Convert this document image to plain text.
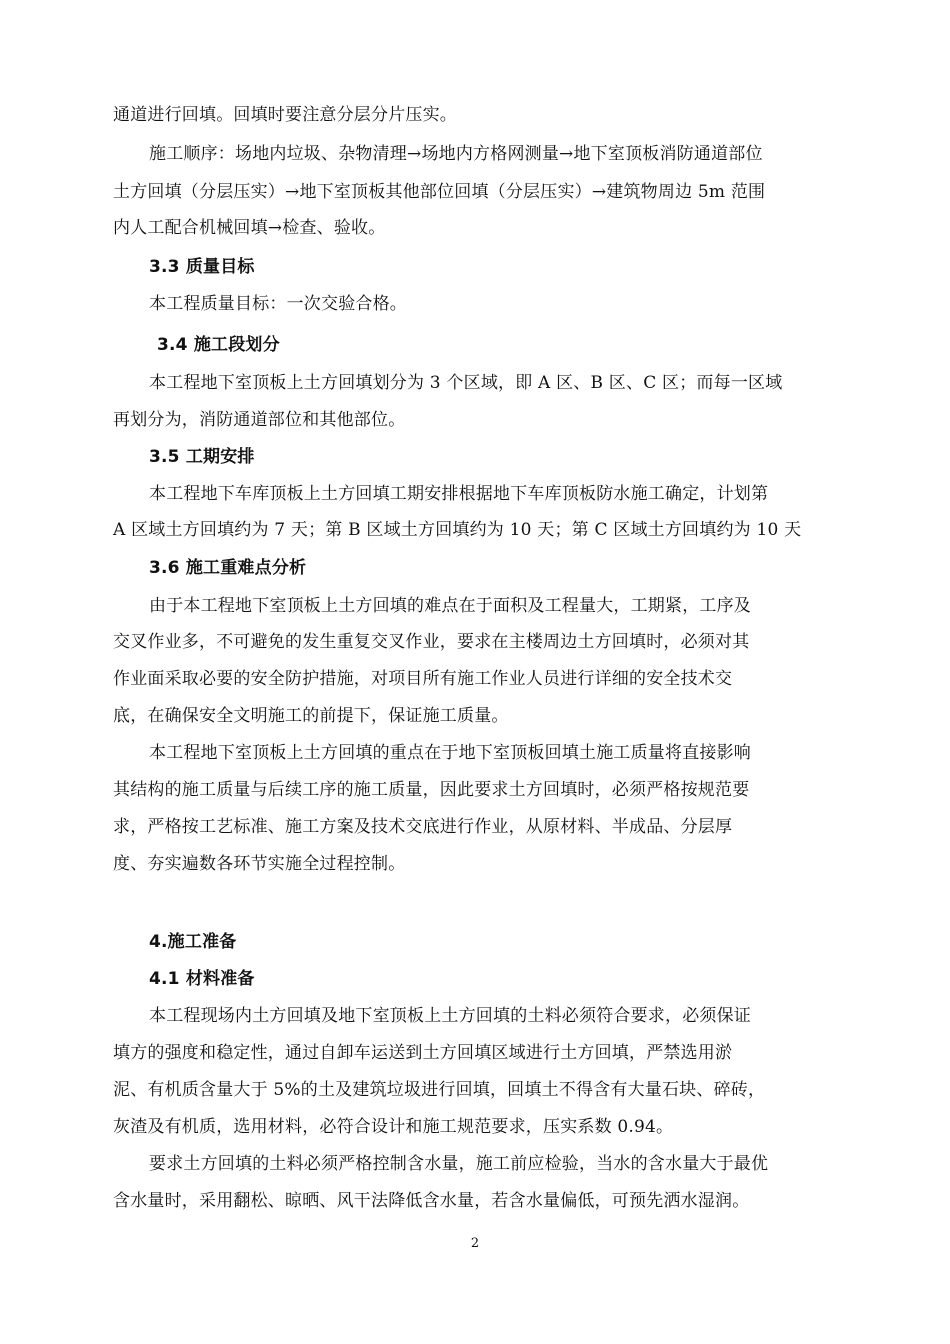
通道进行回填。回填时要注意分层分片压实。
施工顺序：场地内垃圾、杂物清理→场地内方格网测量→地下室顶板消防通道部位
土方回填（分层压实）→地下室顶板其他部位回填（分层压实）→建筑物周边 5m 范围
内人工配合机械回填→检查、验收。
3.3 质量目标
本工程质量目标：一次交验合格。
3.4 施工段划分
本工程地下室顶板上土方回填划分为 3 个区域，即 A 区、B 区、C 区；而每一区域
再划分为，消防通道部位和其他部位。
3.5 工期安排
本工程地下车库顶板上土方回填工期安排根据地下车库顶板防水施工确定，计划第
A 区域土方回填约为 7 天；第 B 区域土方回填约为 10 天；第 C 区域土方回填约为 10 天
3.6 施工重难点分析
由于本工程地下室顶板上土方回填的难点在于面积及工程量大，工期紧，工序及
交叉作业多，不可避免的发生重复交叉作业，要求在主楼周边土方回填时，必须对其
作业面采取必要的安全防护措施，对项目所有施工作业人员进行详细的安全技术交
底，在确保安全文明施工的前提下，保证施工质量。
本工程地下室顶板上土方回填的重点在于地下室顶板回填土施工质量将直接影响
其结构的施工质量与后续工序的施工质量，因此要求土方回填时，必须严格按规范要
求，严格按工艺标准、施工方案及技术交底进行作业，从原材料、半成品、分层厚
度、夯实遍数各环节实施全过程控制。
4.施工准备
4.1 材料准备
本工程现场内土方回填及地下室顶板上土方回填的土料必须符合要求，必须保证
填方的强度和稳定性，通过自卸车运送到土方回填区域进行土方回填，严禁选用淤
泥、有机质含量大于 5%的土及建筑垃圾进行回填，回填土不得含有大量石块、碎砖，
灰渣及有机质，选用材料，必符合设计和施工规范要求，压实系数 0.94。
要求土方回填的土料必须严格控制含水量，施工前应检验，当水的含水量大于最优
含水量时，采用翻松、晾晒、风干法降低含水量，若含水量偏低，可预先洒水湿润。
2
